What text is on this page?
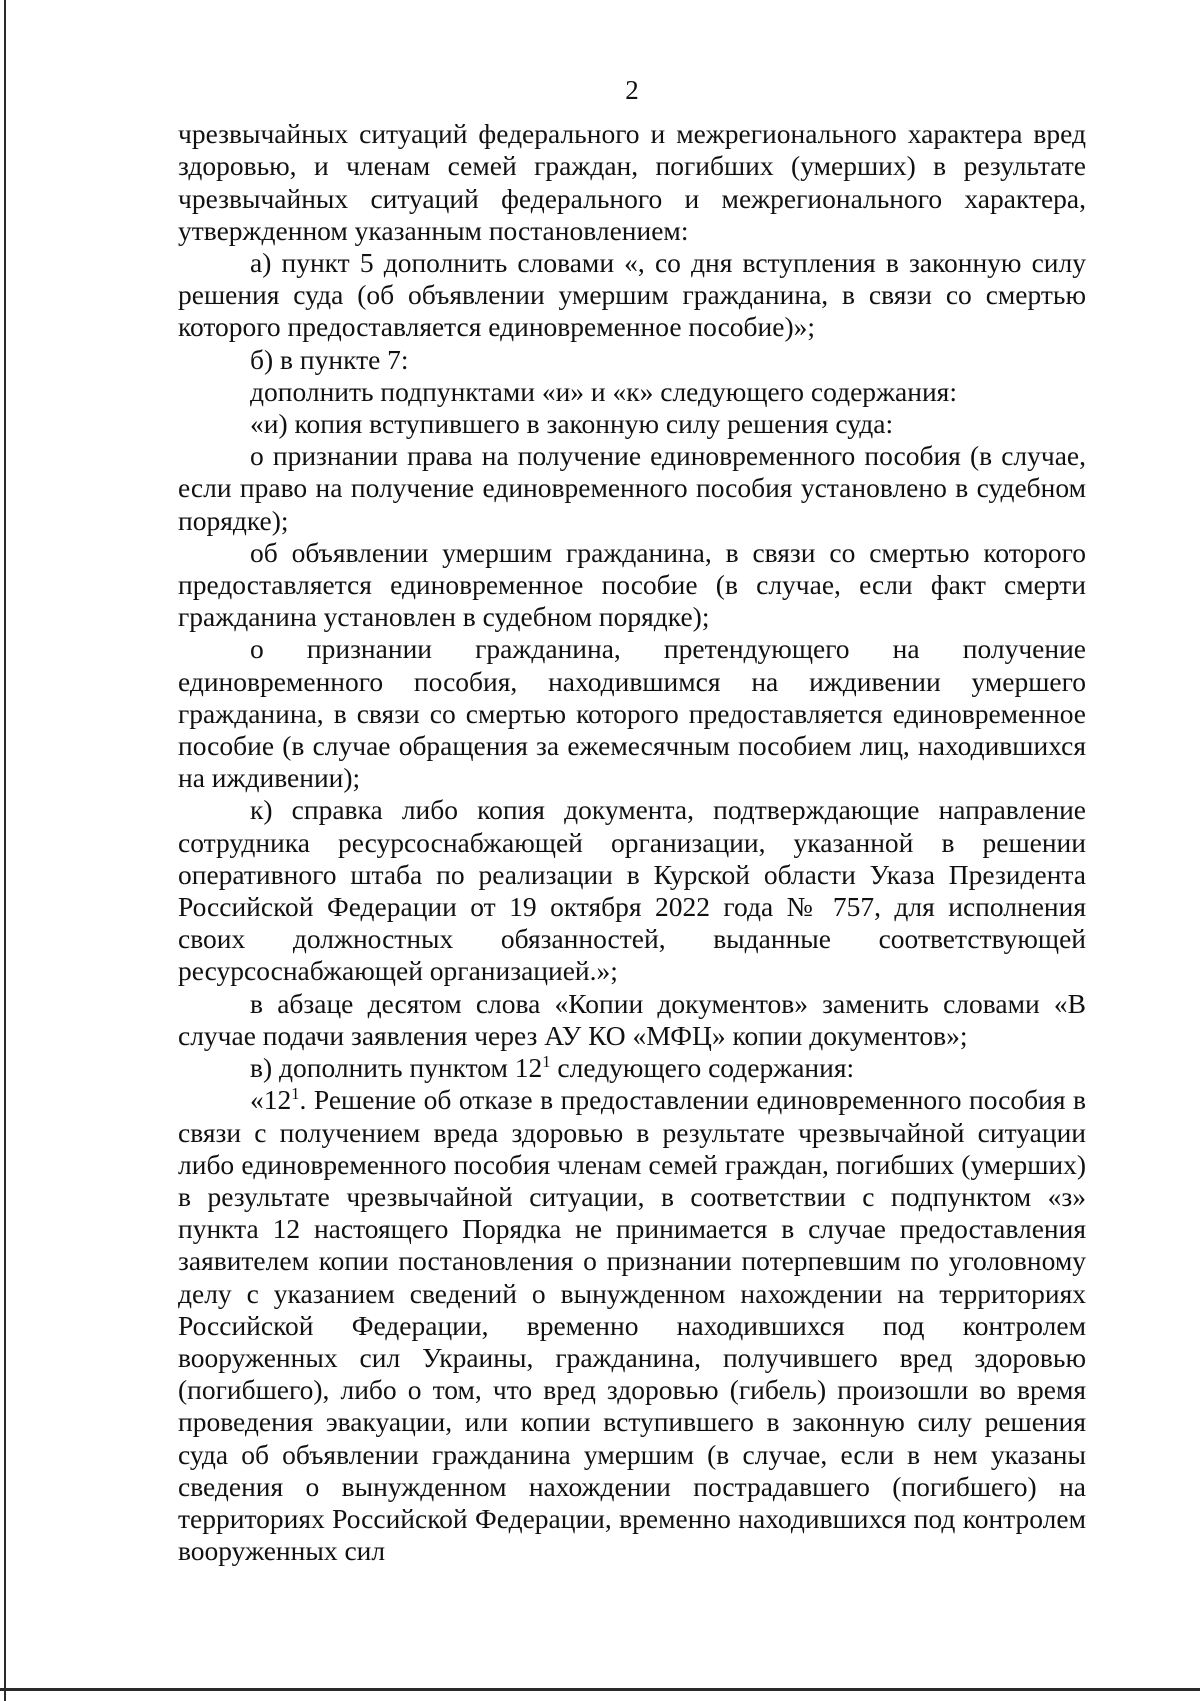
2

чрезвычайных ситуаций федерального и межрегионального характера вред здоровью, и членам семей граждан, погибших (умерших) в результате чрезвычайных ситуаций федерального и межрегионального характера, утвержденном указанным постановлением:

а) пункт 5 дополнить словами «, со дня вступления в законную силу решения суда (об объявлении умершим гражданина, в связи со смертью которого предоставляется единовременное пособие)»;

б) в пункте 7:

дополнить подпунктами «и» и «к» следующего содержания:

«и) копия вступившего в законную силу решения суда:

о признании права на получение единовременного пособия (в случае, если право на получение единовременного пособия установлено в судебном порядке);

об объявлении умершим гражданина, в связи со смертью которого предоставляется единовременное пособие (в случае, если факт смерти гражданина установлен в судебном порядке);

о признании гражданина, претендующего на получение единовременного пособия, находившимся на иждивении умершего гражданина, в связи со смертью которого предоставляется единовременное пособие (в случае обращения за ежемесячным пособием лиц, находившихся на иждивении);

к) справка либо копия документа, подтверждающие направление сотрудника ресурсоснабжающей организации, указанной в решении оперативного штаба по реализации в Курской области Указа Президента Российской Федерации от 19 октября 2022 года № 757, для исполнения своих должностных обязанностей, выданные соответствующей ресурсоснабжающей организацией.»;

в абзаце десятом слова «Копии документов» заменить словами «В случае подачи заявления через АУ КО «МФЦ» копии документов»;

в) дополнить пунктом $12^1$ следующего содержания:

«$12^1$. Решение об отказе в предоставлении единовременного пособия в связи с получением вреда здоровью в результате чрезвычайной ситуации либо единовременного пособия членам семей граждан, погибших (умерших) в результате чрезвычайной ситуации, в соответствии с подпунктом «з» пункта 12 настоящего Порядка не принимается в случае предоставления заявителем копии постановления о признании потерпевшим по уголовному делу с указанием сведений о вынужденном нахождении на территориях Российской Федерации, временно находившихся под контролем вооруженных сил Украины, гражданина, получившего вред здоровью (погибшего), либо о том, что вред здоровью (гибель) произошли во время проведения эвакуации, или копии вступившего в законную силу решения суда об объявлении гражданина умершим (в случае, если в нем указаны сведения о вынужденном нахождении пострадавшего (погибшего) на территориях Российской Федерации, временно находившихся под контролем вооруженных сил
